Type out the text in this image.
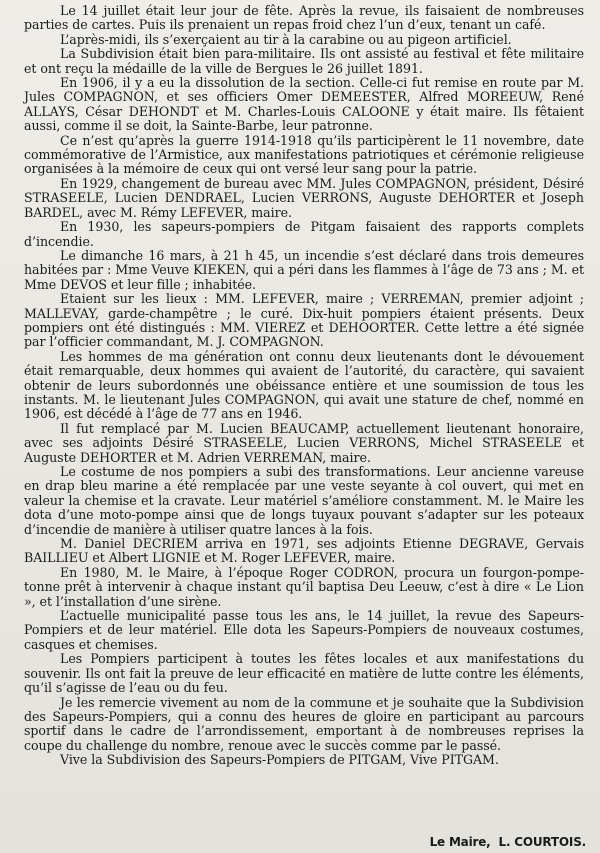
Le 14 juillet était leur jour de fête. Après la revue, ils faisaient de nombreuses parties de cartes. Puis ils prenaient un repas froid chez l’un d’eux, tenant un café.

L’après-midi, ils s’exerçaient au tir à la carabine ou au pigeon artificiel.

La Subdivision était bien para-militaire. Ils ont assisté au festival et fête militaire et ont reçu la médaille de la ville de Bergues le 26 juillet 1891.

En 1906, il y a eu la dissolution de la section. Celle-ci fut remise en route par M. Jules COMPAGNON, et ses officiers Omer DEMEESTER, Alfred MOREEUW, René ALLAYS, César DEHONDT et M. Charles-Louis CALOONE y était maire. Ils fêtaient aussi, comme il se doit, la Sainte-Barbe, leur patronne.

Ce n’est qu’après la guerre 1914-1918 qu’ils participèrent le 11 novembre, date commémorative de l’Armistice, aux manifestations patriotiques et cérémonie religieuse organisées à la mémoire de ceux qui ont versé leur sang pour la patrie.

En 1929, changement de bureau avec MM. Jules COMPAGNON, président, Désiré STRASEELE, Lucien DENDRAEL, Lucien VERRONS, Auguste DEHORTER et Joseph BARDEL, avec M. Rémy LEFEVER, maire.

En 1930, les sapeurs-pompiers de Pitgam faisaient des rapports complets d’incendie.

Le dimanche 16 mars, à 21 h 45, un incendie s’est déclaré dans trois demeures habitées par : Mme Veuve KIEKEN, qui a péri dans les flammes à l’âge de 73 ans ; M. et Mme DEVOS et leur fille ; inhabitée.

Etaient sur les lieux : MM. LEFEVER, maire ; VERREMAN, premier adjoint ; MALLEVAY, garde-champêtre ; le curé. Dix-huit pompiers étaient présents. Deux pompiers ont été distingués : MM. VIEREZ et DEHOORTER. Cette lettre a été signée par l’officier commandant, M. J. COMPAGNON.

Les hommes de ma génération ont connu deux lieutenants dont le dévouement était remarquable, deux hommes qui avaient de l’autorité, du caractère, qui savaient obtenir de leurs subordonnés une obéissance entière et une soumission de tous les instants. M. le lieutenant Jules COMPAGNON, qui avait une stature de chef, nommé en 1906, est décédé à l’âge de 77 ans en 1946.

Il fut remplacé par M. Lucien BEAUCAMP, actuellement lieutenant honoraire, avec ses adjoints Désiré STRASEELE, Lucien VERRONS, Michel STRASEELE et Auguste DEHORTER et M. Adrien VERREMAN, maire.

Le costume de nos pompiers a subi des transformations. Leur ancienne vareuse en drap bleu marine a été remplacée par une veste seyante à col ouvert, qui met en valeur la chemise et la cravate. Leur matériel s’améliore constamment. M. le Maire les dota d’une moto-pompe ainsi que de longs tuyaux pouvant s’adapter sur les poteaux d’incendie de manière à utiliser quatre lances à la fois.

M. Daniel DECRIEM arriva en 1971, ses adjoints Etienne DEGRAVE, Gervais BAILLIEU et Albert LIGNIE et M. Roger LEFEVER, maire.

En 1980, M. le Maire, à l’époque Roger CODRON, procura un fourgon-pompe-tonne prêt à intervenir à chaque instant qu’il baptisa Deu Leeuw, c’est à dire « Le Lion », et l’installation d’une sirène.

L’actuelle municipalité passe tous les ans, le 14 juillet, la revue des Sapeurs-Pompiers et de leur matériel. Elle dota les Sapeurs-Pompiers de nouveaux costumes, casques et chemises.

Les Pompiers participent à toutes les fêtes locales et aux manifestations du souvenir. Ils ont fait la preuve de leur efficacité en matière de lutte contre les éléments, qu’il s’agisse de l’eau ou du feu.

Je les remercie vivement au nom de la commune et je souhaite que la Subdivision des Sapeurs-Pompiers, qui a connu des heures de gloire en participant au parcours sportif dans le cadre de l’arrondissement, emportant à de nombreuses reprises la coupe du challenge du nombre, renoue avec le succès comme par le passé.

Vive la Subdivision des Sapeurs-Pompiers de PITGAM, Vive PITGAM.

Le Maire, L. COURTOIS.
